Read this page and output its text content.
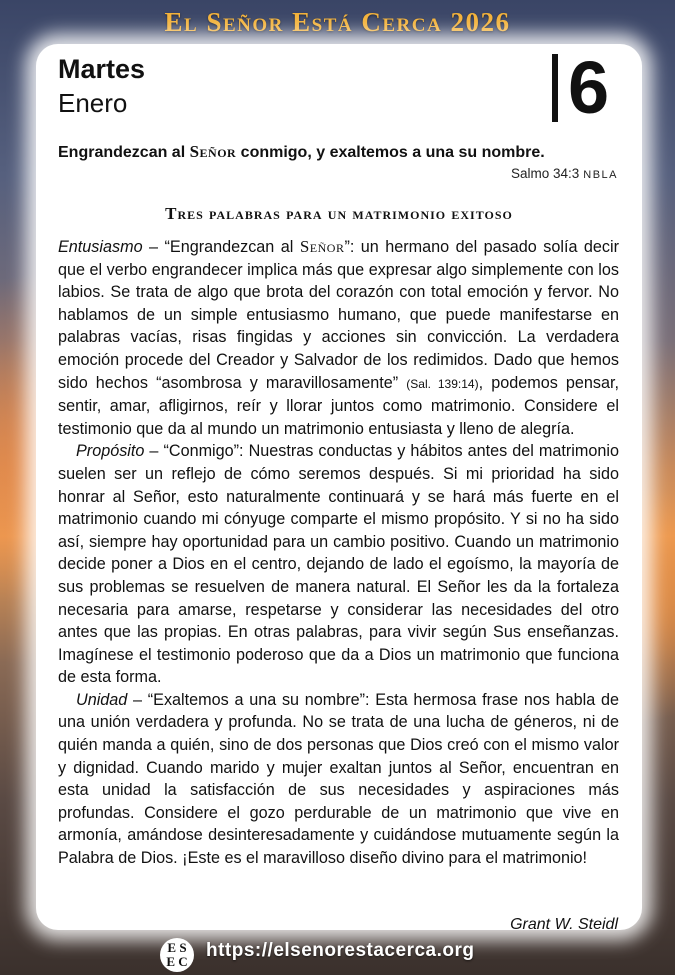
El Señor Está Cerca 2026
Martes
Enero	6
Engrandezcan al Señor conmigo, y exaltemos a una su nombre.
Salmo 34:3 NBLA
Tres palabras para un matrimonio exitoso

Entusiasmo – “Engrandezcan al Señor”: un hermano del pasado solía decir que el verbo engrandecer implica más que expresar algo simplemente con los labios. Se trata de algo que brota del corazón con total emoción y fervor. No hablamos de un simple entusiasmo humano, que puede manifestarse en palabras vacías, risas fingidas y acciones sin convicción. La verdadera emoción procede del Creador y Salvador de los redimidos. Dado que hemos sido hechos “asombrosa y maravillosamente” (Sal. 139:14), podemos pensar, sentir, amar, afligirnos, reír y llorar juntos como matrimonio. Considere el testimonio que da al mundo un matrimonio entusiasta y lleno de alegría.

Propósito – “Conmigo”: Nuestras conductas y hábitos antes del matrimonio suelen ser un reflejo de cómo seremos después. Si mi prioridad ha sido honrar al Señor, esto naturalmente continuará y se hará más fuerte en el matrimonio cuando mi cónyuge comparte el mismo propósito. Y si no ha sido así, siempre hay oportunidad para un cambio positivo. Cuando un matrimonio decide poner a Dios en el centro, dejando de lado el egoísmo, la mayoría de sus problemas se resuelven de manera natural. El Señor les da la fortaleza necesaria para amarse, respetarse y considerar las necesidades del otro antes que las propias. En otras palabras, para vivir según Sus enseñanzas. Imagínese el testimonio poderoso que da a Dios un matrimonio que funciona de esta forma.

Unidad – “Exaltemos a una su nombre”: Esta hermosa frase nos habla de una unión verdadera y profunda. No se trata de una lucha de géneros, ni de quién manda a quién, sino de dos personas que Dios creó con el mismo valor y dignidad. Cuando marido y mujer exaltan juntos al Señor, encuentran en esta unidad la satisfacción de sus necesidades y aspiraciones más profundas. Considere el gozo perdurable de un matrimonio que vive en armonía, amándose desinteresadamente y cuidándose mutuamente según la Palabra de Dios. ¡Este es el maravilloso diseño divino para el matrimonio!

Grant W. Steidl
E S
E C
https://elsenorestacerca.org
